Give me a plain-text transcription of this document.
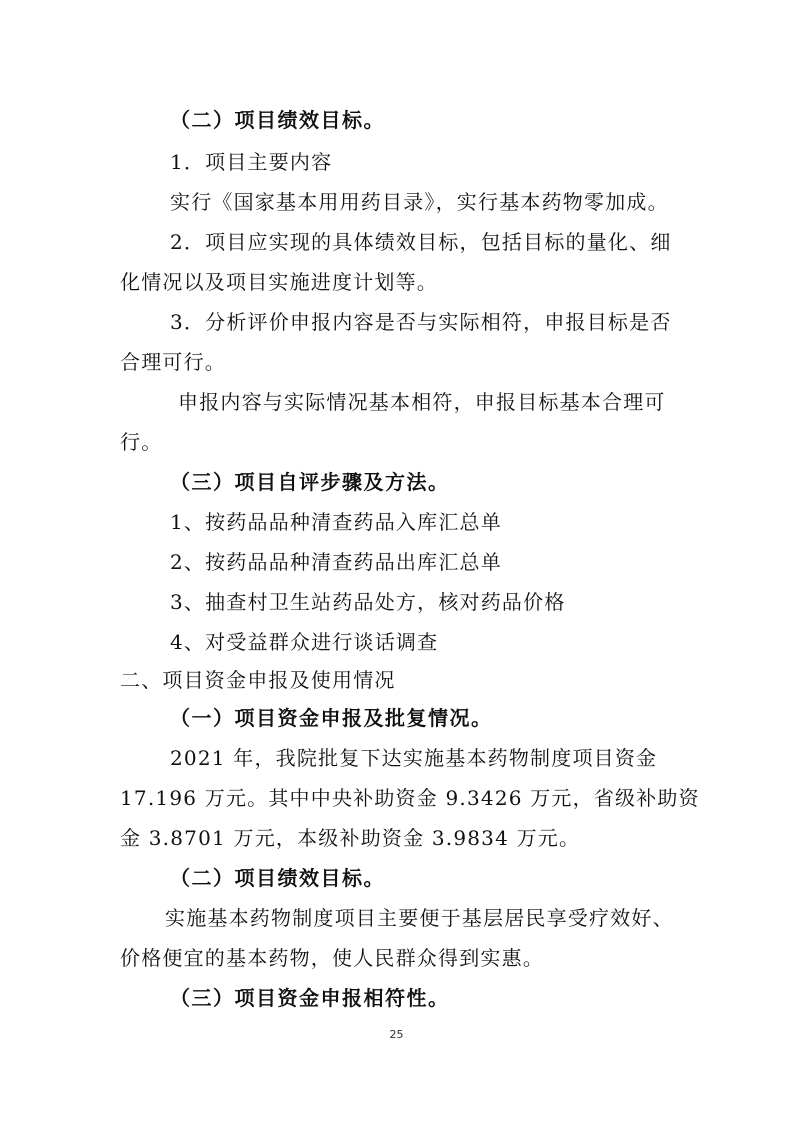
（二）项目绩效目标。
1．项目主要内容
实行《国家基本用用药目录》，实行基本药物零加成。
2．项目应实现的具体绩效目标，包括目标的量化、细
化情况以及项目实施进度计划等。
3．分析评价申报内容是否与实际相符，申报目标是否
合理可行。
申报内容与实际情况基本相符，申报目标基本合理可
行。
（三）项目自评步骤及方法。
1、按药品品种清查药品入库汇总单
2、按药品品种清查药品出库汇总单
3、抽查村卫生站药品处方，核对药品价格
4、对受益群众进行谈话调查
二、项目资金申报及使用情况
（一）项目资金申报及批复情况。
2021 年，我院批复下达实施基本药物制度项目资金
17.196 万元。其中中央补助资金 9.3426 万元，省级补助资
金 3.8701 万元，本级补助资金 3.9834 万元。
（二）项目绩效目标。
实施基本药物制度项目主要便于基层居民享受疗效好、
价格便宜的基本药物，使人民群众得到实惠。
（三）项目资金申报相符性。
25
